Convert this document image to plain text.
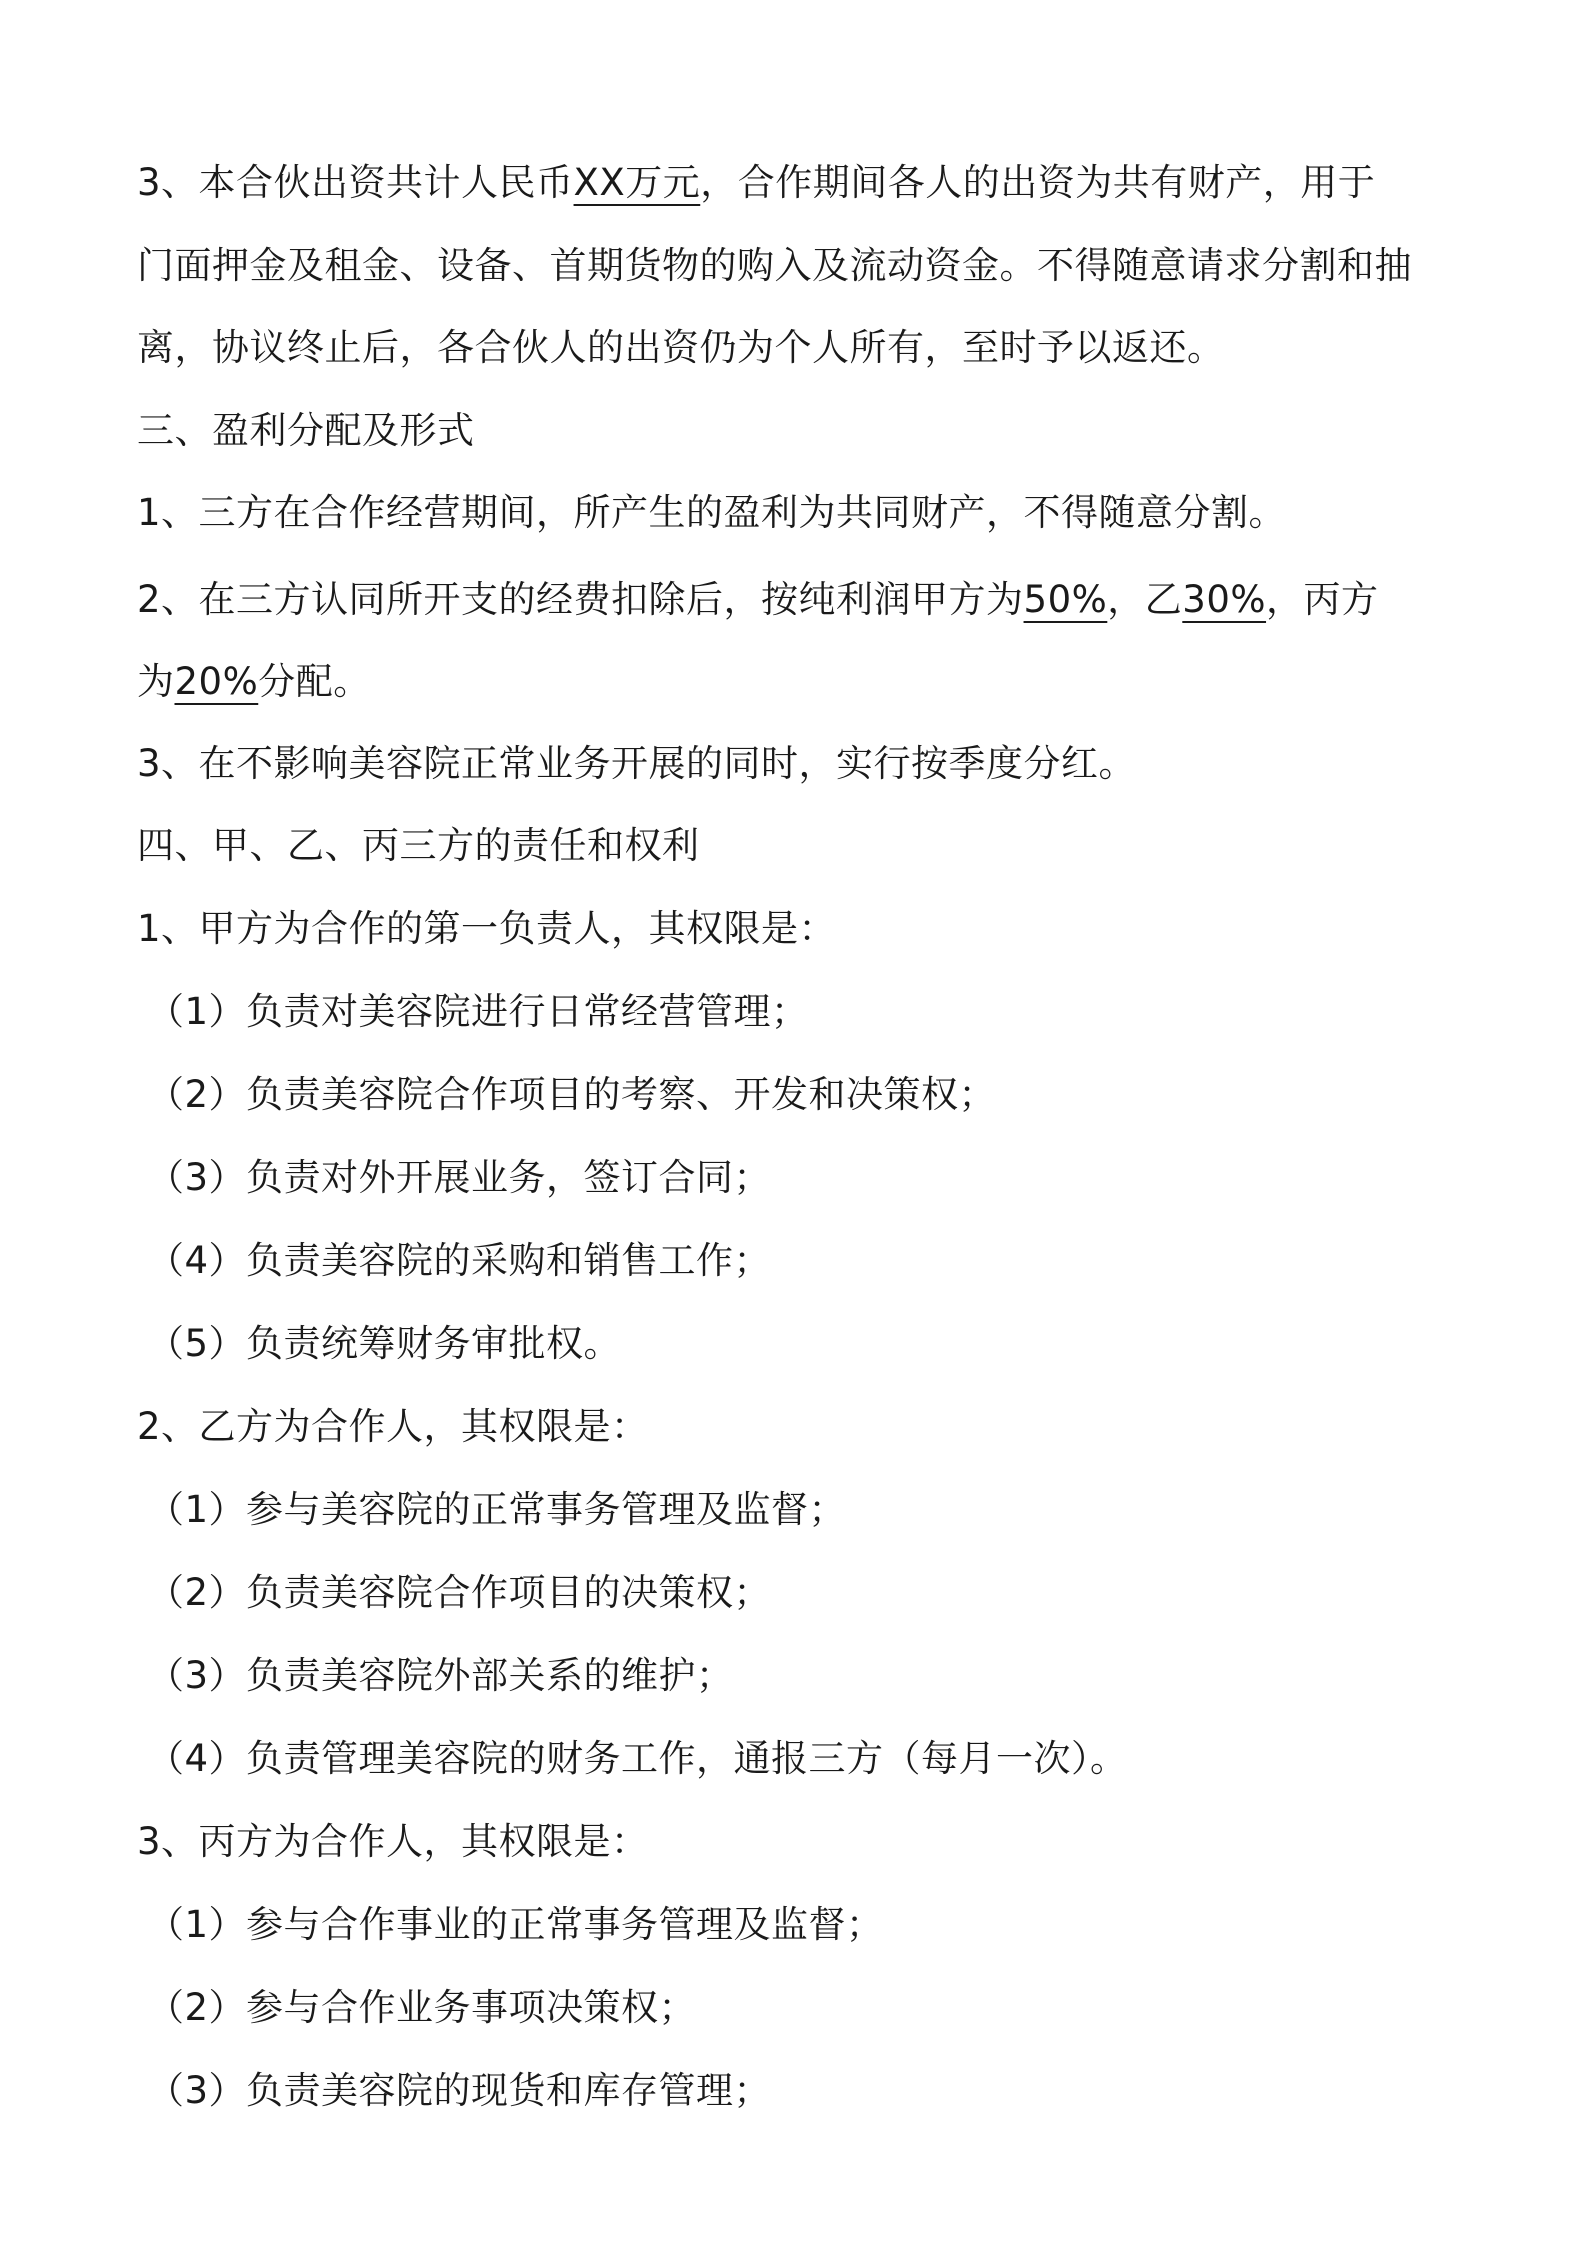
3、本合伙出资共计人民币XX万元，合作期间各人的出资为共有财产，用于
门面押金及租金、设备、首期货物的购入及流动资金。不得随意请求分割和抽
离，协议终止后，各合伙人的出资仍为个人所有，至时予以返还。
三、盈利分配及形式
1、三方在合作经营期间，所产生的盈利为共同财产，不得随意分割。
2、在三方认同所开支的经费扣除后，按纯利润甲方为50%，乙30%，丙方
为20%分配。
3、在不影响美容院正常业务开展的同时，实行按季度分红。
四、甲、乙、丙三方的责任和权利
1、甲方为合作的第一负责人，其权限是：
（1）负责对美容院进行日常经营管理；
（2）负责美容院合作项目的考察、开发和决策权；
（3）负责对外开展业务，签订合同；
（4）负责美容院的采购和销售工作；
（5）负责统筹财务审批权。
2、乙方为合作人，其权限是：
（1）参与美容院的正常事务管理及监督；
（2）负责美容院合作项目的决策权；
（3）负责美容院外部关系的维护；
（4）负责管理美容院的财务工作，通报三方（每月一次）。
3、丙方为合作人，其权限是：
（1）参与合作事业的正常事务管理及监督；
（2）参与合作业务事项决策权；
（3）负责美容院的现货和库存管理；
